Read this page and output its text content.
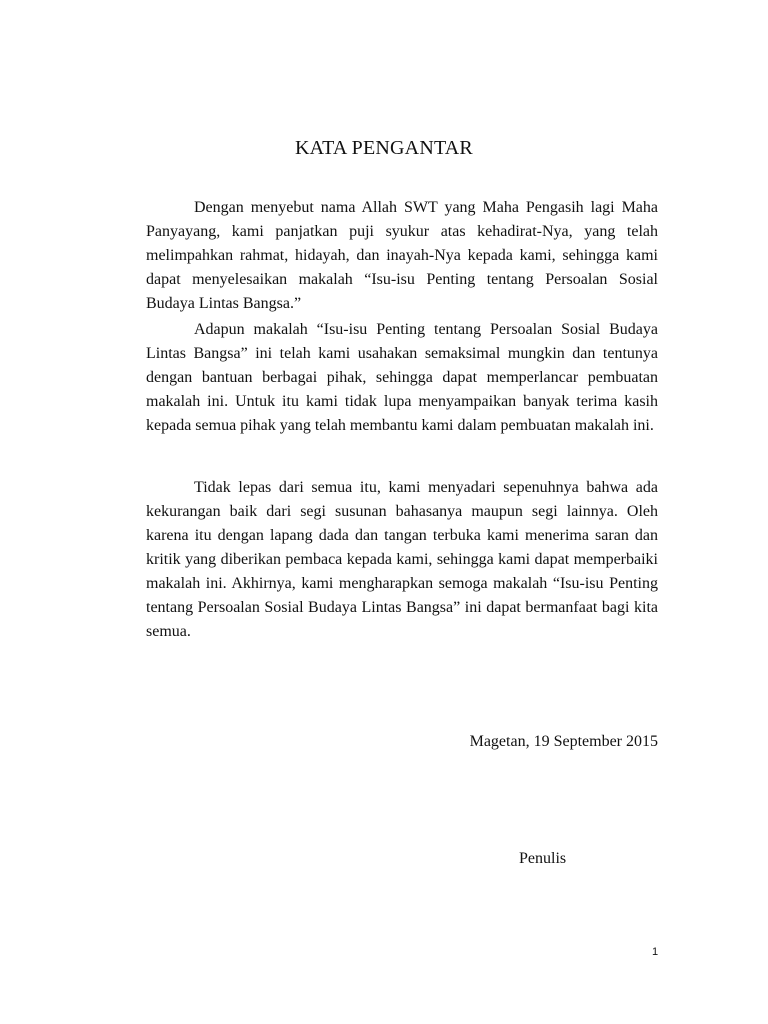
KATA PENGANTAR

Dengan menyebut nama Allah SWT yang Maha Pengasih lagi Maha Panyayang, kami panjatkan puji syukur atas kehadirat-Nya, yang telah melimpahkan rahmat, hidayah, dan inayah-Nya kepada kami, sehingga kami dapat menyelesaikan makalah “Isu-isu Penting tentang Persoalan Sosial Budaya Lintas Bangsa.”

Adapun makalah “Isu-isu Penting tentang Persoalan Sosial Budaya Lintas Bangsa” ini telah kami usahakan semaksimal mungkin dan tentunya dengan bantuan berbagai pihak, sehingga dapat memperlancar pembuatan makalah ini. Untuk itu kami tidak lupa menyampaikan banyak terima kasih kepada semua pihak yang telah membantu kami dalam pembuatan makalah ini.

Tidak lepas dari semua itu, kami menyadari sepenuhnya bahwa ada kekurangan baik dari segi susunan bahasanya maupun segi lainnya. Oleh karena itu dengan lapang dada dan tangan terbuka kami menerima saran dan kritik yang diberikan pembaca kepada kami, sehingga kami dapat memperbaiki makalah ini. Akhirnya, kami mengharapkan semoga makalah “Isu-isu Penting tentang Persoalan Sosial Budaya Lintas Bangsa” ini dapat bermanfaat bagi kita semua.

Magetan, 19 September 2015

Penulis

1
